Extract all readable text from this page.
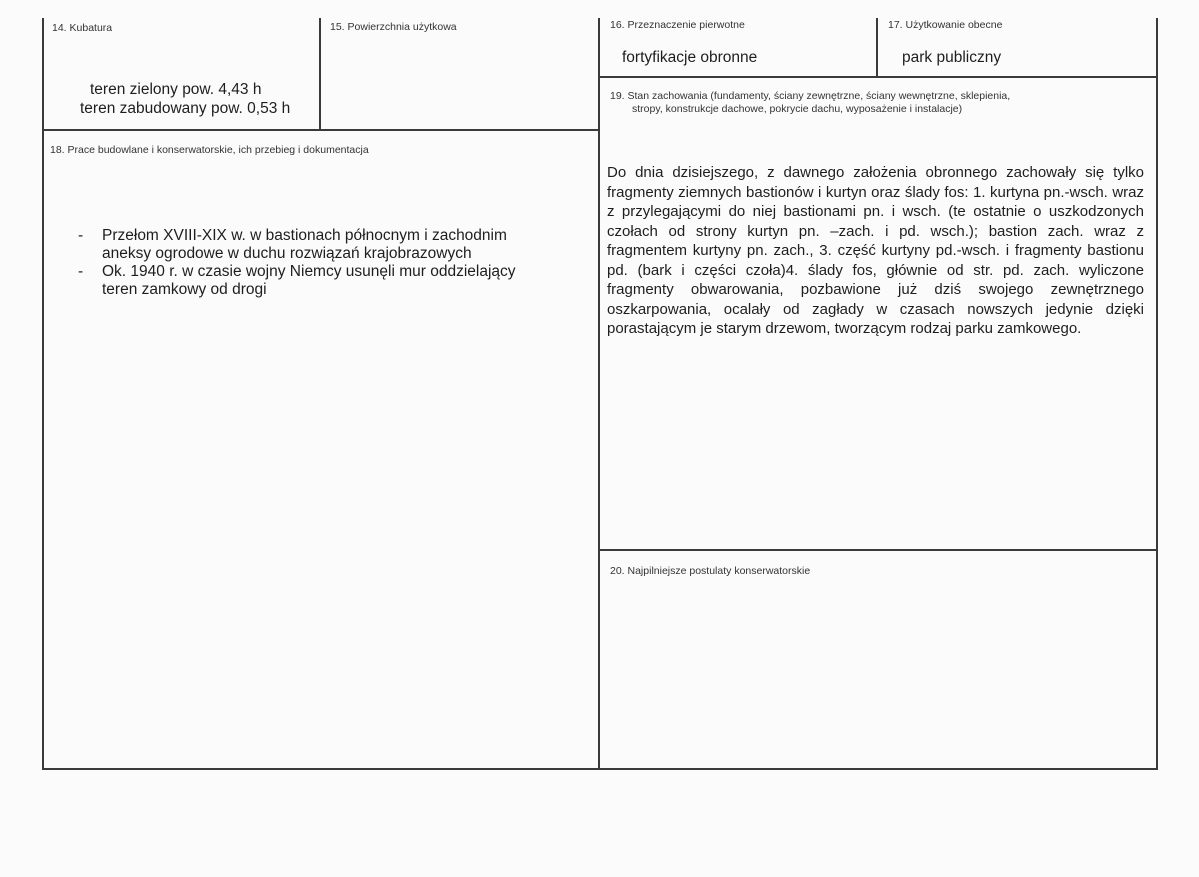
14. Kubatura
teren zielony pow. 4,43 h
teren zabudowany pow. 0,53 h
15. Powierzchnia użytkowa	16. Przeznaczenie pierwotne
fortyfikacje obronne
17. Użytkowanie obecne
park publiczny
18. Prace budowlane i konserwatorskie, ich przebieg i dokumentacja
- Przełom XVIII-XIX w. w bastionach północnym i zachodnim
aneksy ogrodowe w duchu rozwiązań krajobrazowych
- Ok. 1940 r. w czasie wojny Niemcy usunęli mur oddzielający
teren zamkowy od drogi
19. Stan zachowania (fundamenty, ściany zewnętrzne, ściany wewnętrzne, sklepienia,
stropy, konstrukcje dachowe, pokrycie dachu, wyposażenie i instalacje)
Do dnia dzisiejszego, z dawnego założenia obronnego zachowały się tylko fragmenty ziemnych bastionów i kurtyn oraz ślady fos: 1. kurtyna pn.-wsch. wraz z przylegającymi do niej bastionami pn. i wsch. (te ostatnie o uszkodzonych czołach od strony kurtyn pn. –zach. i pd. wsch.); bastion zach. wraz z fragmentem kurtyny pn. zach., 3. część kurtyny pd.-wsch. i fragmenty bastionu pd. (bark i części czoła)4. ślady fos, głównie od str. pd. zach. wyliczone fragmenty obwarowania, pozbawione już dziś swojego zewnętrznego oszkarpowania, ocalały od zagłady w czasach nowszych jedynie dzięki porastającym je starym drzewom, tworzącym rodzaj parku zamkowego.
20. Najpilniejsze postulaty konserwatorskie
